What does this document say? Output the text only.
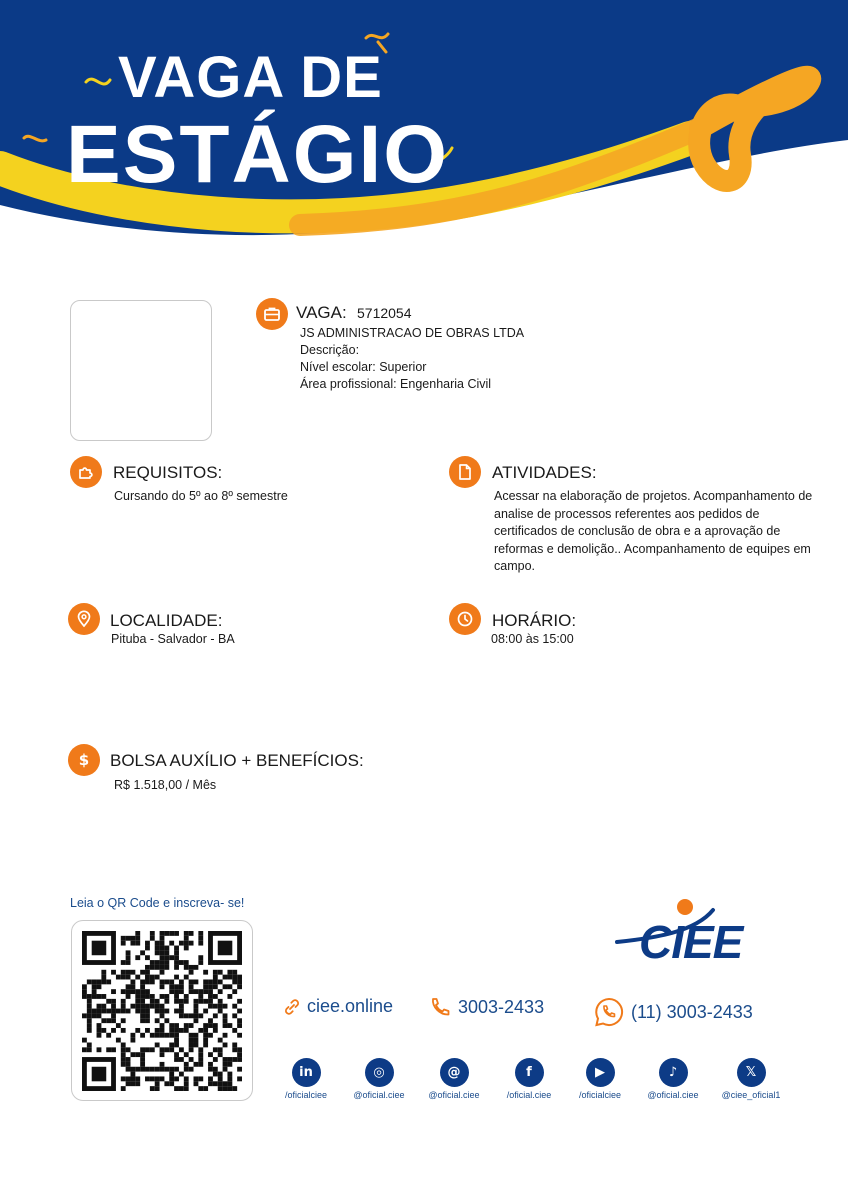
VAGA DE
ESTÁGIO
VAGA: 5712054
JS ADMINISTRACAO DE OBRAS LTDA
Descrição:
Nível escolar: Superior
Área profissional: Engenharia Civil
REQUISITOS:
Cursando do 5º ao 8º semestre
ATIVIDADES:
Acessar na elaboração de projetos. Acompanhamento de
analise de processos referentes aos pedidos de
certificados de conclusão de obra e a aprovação de
reformas e demolição.. Acompanhamento de equipes em
campo.
LOCALIDADE:
Pituba - Salvador - BA
HORÁRIO:
08:00 às 15:00
$ BOLSA AUXÍLIO + BENEFÍCIOS:
R$ 1.518,00 / Mês
Leia o QR Code e inscreva- se!
CIEE
ciee.online	3003‑2433	(11) 3003‑2433
in
/oficialciee
◎
@oficial.ciee
@
@oficial.ciee
f
/oficial.ciee
▶
/oficialciee
♪
@oficial.ciee
𝕏
@ciee_oficial1
